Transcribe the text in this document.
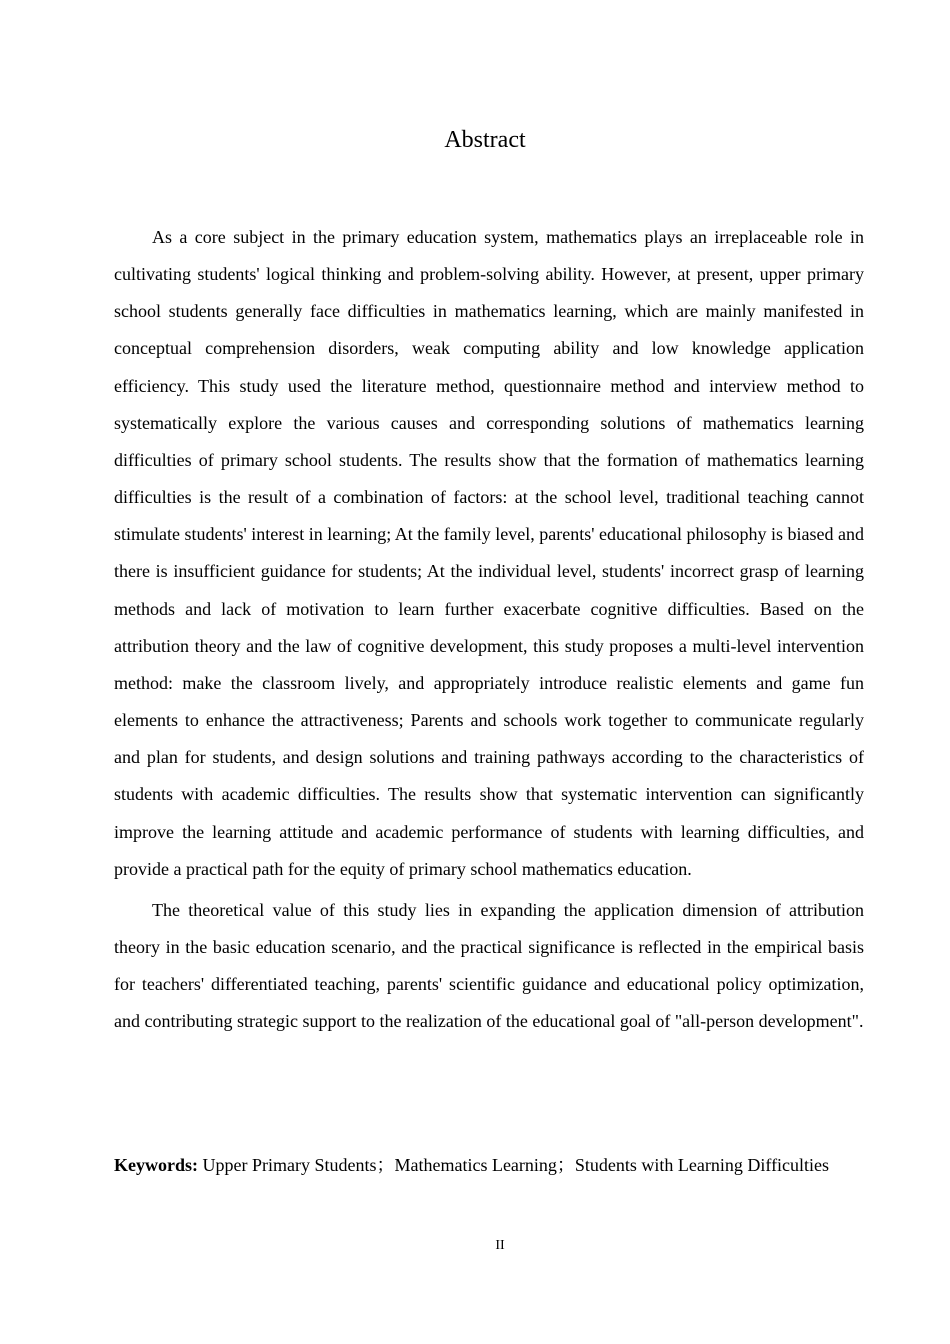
Abstract

As a core subject in the primary education system, mathematics plays an irreplaceable role in cultivating students' logical thinking and problem-solving ability. However, at present, upper primary school students generally face difficulties in mathematics learning, which are mainly manifested in conceptual comprehension disorders, weak computing ability and low knowledge application efficiency. This study used the literature method, questionnaire method and interview method to systematically explore the various causes and corresponding solutions of mathematics learning difficulties of primary school students. The results show that the formation of mathematics learning difficulties is the result of a combination of factors: at the school level, traditional teaching cannot stimulate students' interest in learning; At the family level, parents' educational philosophy is biased and there is insufficient guidance for students; At the individual level, students' incorrect grasp of learning methods and lack of motivation to learn further exacerbate cognitive difficulties. Based on the attribution theory and the law of cognitive development, this study proposes a multi-level intervention method: make the classroom lively, and appropriately introduce realistic elements and game fun elements to enhance the attractiveness; Parents and schools work together to communicate regularly and plan for students, and design solutions and training pathways according to the characteristics of students with academic difficulties. The results show that systematic intervention can significantly improve the learning attitude and academic performance of students with learning difficulties, and provide a practical path for the equity of primary school mathematics education.

The theoretical value of this study lies in expanding the application dimension of attribution theory in the basic education scenario, and the practical significance is reflected in the empirical basis for teachers' differentiated teaching, parents' scientific guidance and educational policy optimization, and contributing strategic support to the realization of the educational goal of "all-person development".

Keywords: Upper Primary Students；Mathematics Learning；Students with Learning Difficulties

II
